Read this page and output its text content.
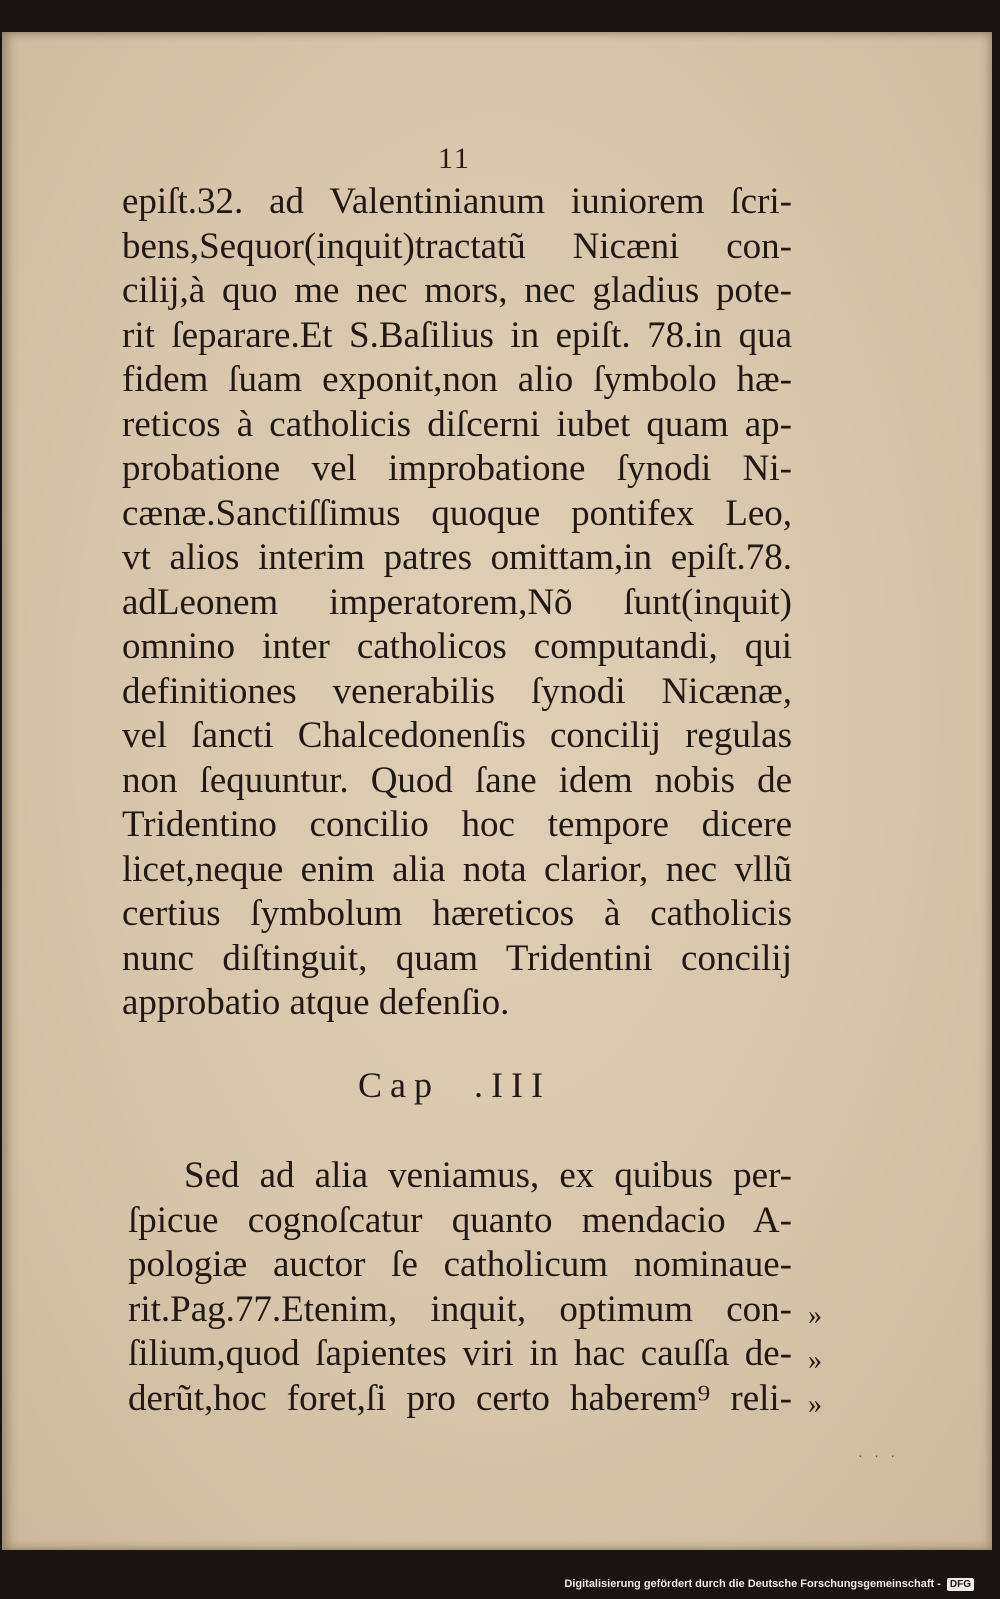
11
epiſt.32. ad Valentinianum iuniorem ſcri-
bens,Sequor(inquit)tractatũ Nicæni con-
cilij,à quo me nec mors, nec gladius pote-
rit ſeparare.Et S.Baſilius in epiſt. 78.in qua
fidem ſuam exponit,non alio ſymbolo hæ-
reticos à catholicis diſcerni iubet quam ap-
probatione vel improbatione ſynodi Ni-
cænæ.Sanctiſſimus quoque pontifex Leo,
vt alios interim patres omittam,in epiſt.78.
adLeonem imperatorem,Nõ ſunt(inquit)
omnino inter catholicos computandi, qui
definitiones venerabilis ſynodi Nicænæ,
vel ſancti Chalcedonenſis concilij regulas
non ſequuntur. Quod ſane idem nobis de
Tridentino concilio hoc tempore dicere
licet,neque enim alia nota clarior, nec vllũ
certius ſymbolum hæreticos à catholicis
nunc diſtinguit, quam Tridentini concilij
approbatio atque defenſio.
Cap .III
Sed ad alia veniamus, ex quibus per-
ſpicue cognoſcatur quanto mendacio A-
pologiæ auctor ſe catholicum nominaue-
rit.Pag.77.Etenim, inquit, optimum con-
ſilium,quod ſapientes viri in hac cauſſa de-
derũt,hoc foret,ſi pro certo haberem⁹ reli-
»
»
»
· · ·
Digitalisierung gefördert durch die Deutsche Forschungsgemeinschaft - DFG
